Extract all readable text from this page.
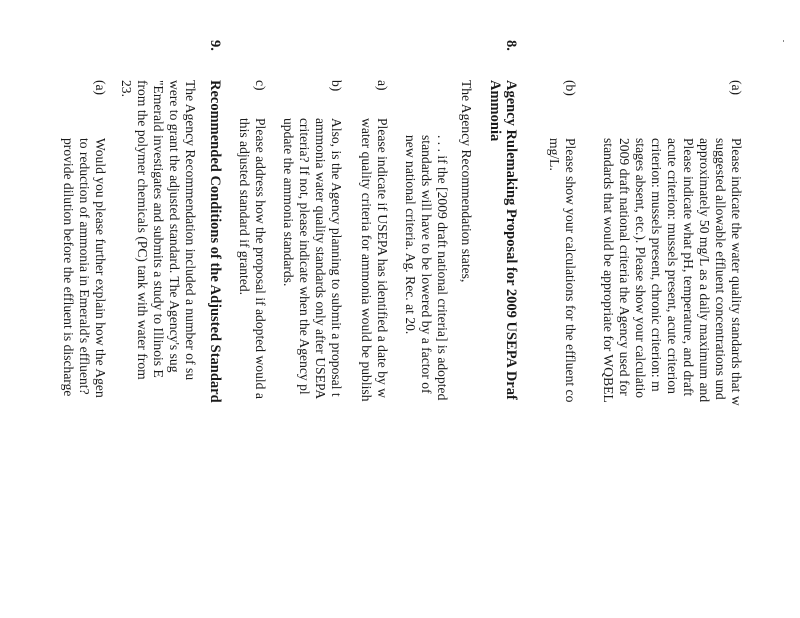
(a)
Please indicate the water quality standards that w
suggested allowable effluent concentrations und
approximately 50 mg/L as a daily maximum and
Please indicate what pH, temperature, and draft
acute criterion: mussels present, acute criterion
criterion: mussels present, chronic criterion: m
stages absent, etc.). Please show your calculatio
2009 draft national criteria the Agency used for
standards that would be appropriate for WQBEL
(b)
Please show your calculations for the effluent co
mg/L.
8.
Agency Rulemaking Proposal for 2009 USEPA Draf
Ammonia
The Agency Recommendation states,
. . . if the [2009 draft national criteria] is adopted
standards will have to be lowered by a factor of
new national criteria. Ag. Rec. at 20.
a)
Please indicate if USEPA has identified a date by w
water quality criteria for ammonia would be publish
b)
Also, is the Agency planning to submit a proposal t
ammonia water quality standards only after USEPA
criteria? If not, please indicate when the Agency pl
update the ammonia standards.
c)
Please address how the proposal if adopted would a
this adjusted standard if granted.
9.
Recommended Conditions of the Adjusted Standard
The Agency Recommendation included a number of su
were to grant the adjusted standard. The Agency's sug
"Emerald investigates and submits a study to Illinois E
from the polymer chemicals (PC) tank with water from
23.
(a)
Would you please further explain how the Agen
to reduction of ammonia in Emerald's effluent?
provide dilution before the effluent is discharge
